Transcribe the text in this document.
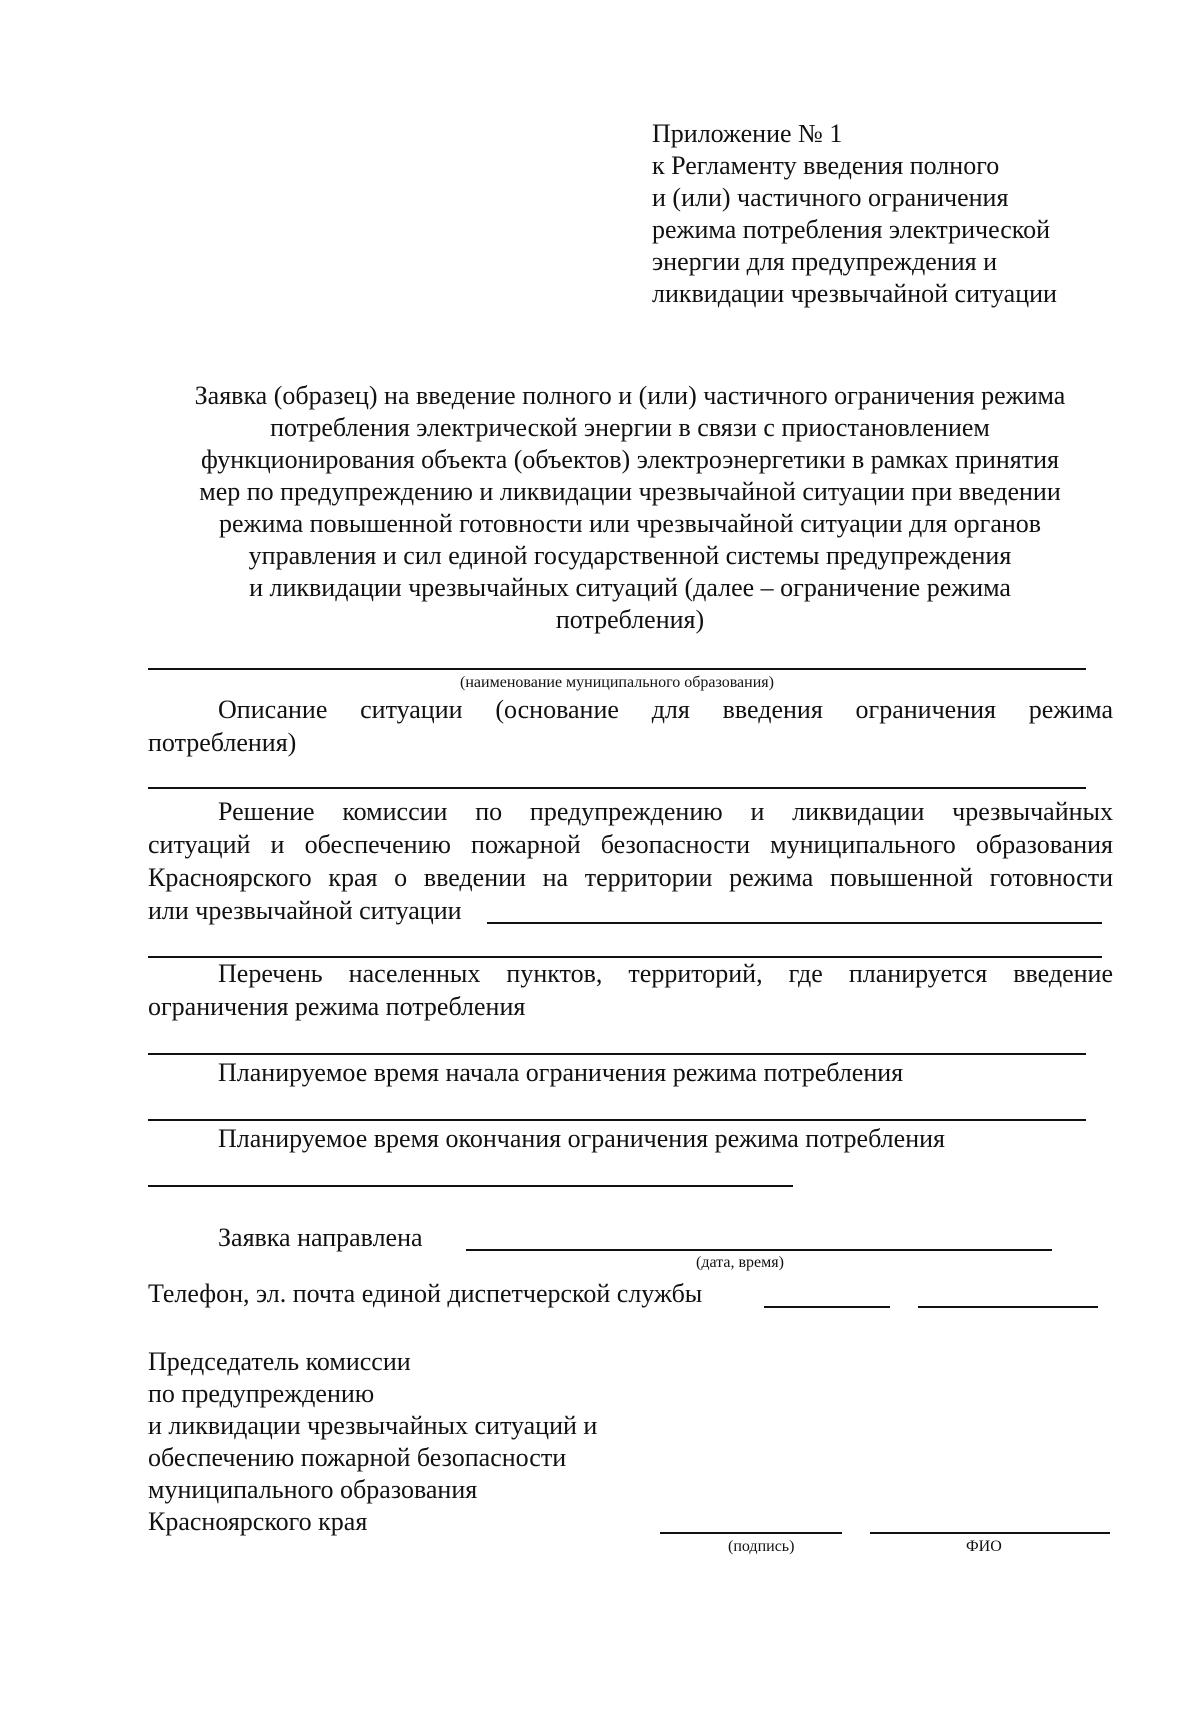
Приложение № 1
к Регламенту введения полного
и (или) частичного ограничения
режима потребления электрической
энергии для предупреждения и
ликвидации чрезвычайной ситуации
Заявка (образец) на введение полного и (или) частичного ограничения режима
потребления электрической энергии в связи с приостановлением
функционирования объекта (объектов) электроэнергетики в рамках принятия
мер по предупреждению и ликвидации чрезвычайной ситуации при введении
режима повышенной готовности или чрезвычайной ситуации для органов
управления и сил единой государственной системы предупреждения
и ликвидации чрезвычайных ситуаций (далее – ограничение режима
потребления)
(наименование муниципального образования)
Описание ситуации (основание для введения ограничения режима
потребления)
Решение комиссии по предупреждению и ликвидации чрезвычайных
ситуаций и обеспечению пожарной безопасности муниципального образования
Красноярского края о введении на территории режима повышенной готовности
или чрезвычайной ситуации
Перечень населенных пунктов, территорий, где планируется введение
ограничения режима потребления
Планируемое время начала ограничения режима потребления
Планируемое время окончания ограничения режима потребления
Заявка направлена
(дата, время)
Телефон, эл. почта единой диспетчерской службы
Председатель комиссии
по предупреждению
и ликвидации чрезвычайных ситуаций и
обеспечению пожарной безопасности
муниципального образования
Красноярского края
(подпись)	ФИО
